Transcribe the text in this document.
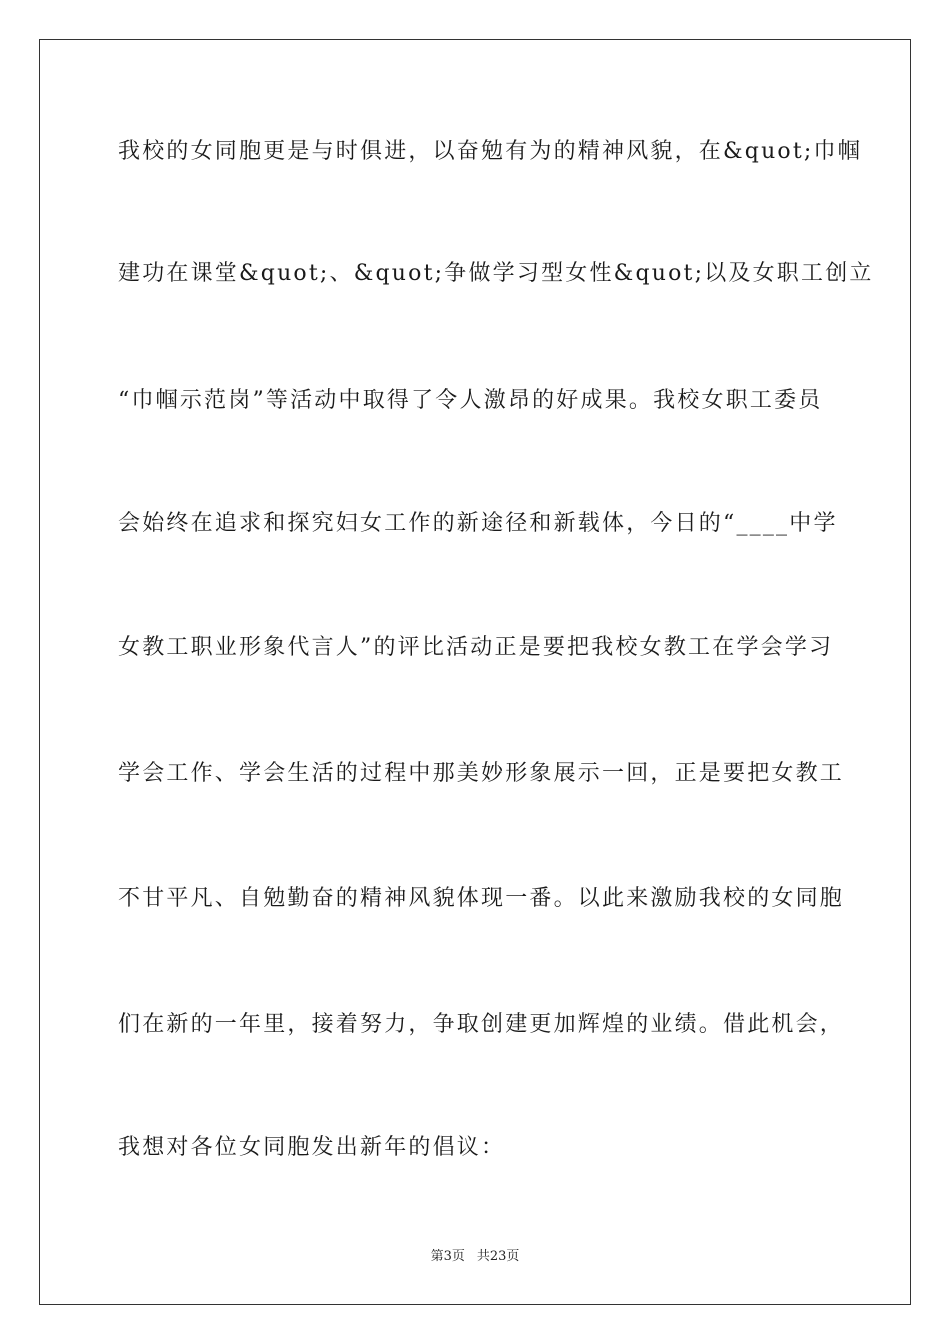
我校的女同胞更是与时俱进，以奋勉有为的精神风貌，在&quot;巾帼
建功在课堂&quot;、&quot;争做学习型女性&quot;以及女职工创立
“巾帼示范岗”等活动中取得了令人激昂的好成果。我校女职工委员
会始终在追求和探究妇女工作的新途径和新载体，今日的“____中学
女教工职业形象代言人”的评比活动正是要把我校女教工在学会学习
学会工作、学会生活的过程中那美妙形象展示一回，正是要把女教工
不甘平凡、自勉勤奋的精神风貌体现一番。以此来激励我校的女同胞
们在新的一年里，接着努力，争取创建更加辉煌的业绩。借此机会，
我想对各位女同胞发出新年的倡议：
第3页 共23页
